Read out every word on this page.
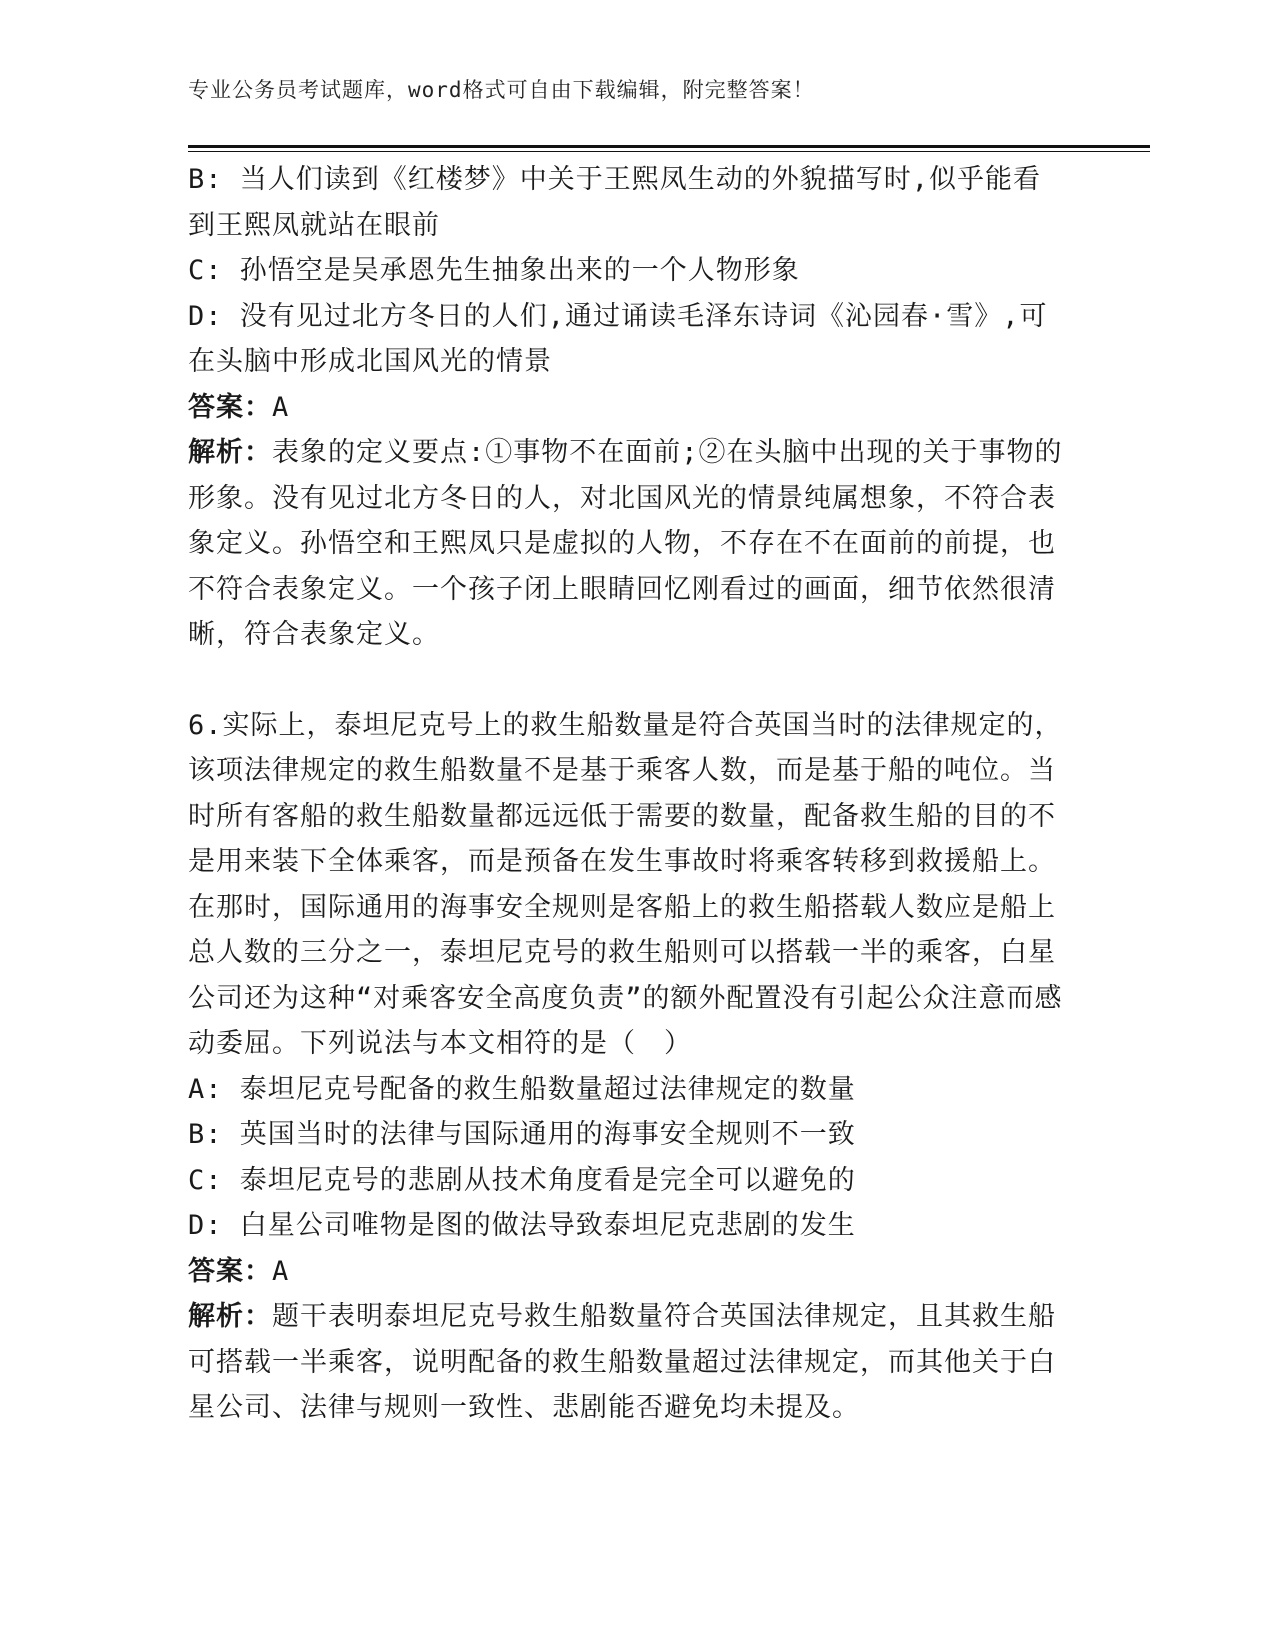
专业公务员考试题库，word格式可自由下载编辑，附完整答案！

B: 当人们读到《红楼梦》中关于王熙凤生动的外貌描写时,似乎能看到王熙凤就站在眼前

C: 孙悟空是吴承恩先生抽象出来的一个人物形象

D: 没有见过北方冬日的人们,通过诵读毛泽东诗词《沁园春·雪》,可在头脑中形成北国风光的情景

答案：A

解析：表象的定义要点:①事物不在面前;②在头脑中出现的关于事物的形象。没有见过北方冬日的人，对北国风光的情景纯属想象，不符合表象定义。孙悟空和王熙凤只是虚拟的人物，不存在不在面前的前提，也不符合表象定义。一个孩子闭上眼睛回忆刚看过的画面，细节依然很清晰，符合表象定义。

6.实际上，泰坦尼克号上的救生船数量是符合英国当时的法律规定的，该项法律规定的救生船数量不是基于乘客人数，而是基于船的吨位。当时所有客船的救生船数量都远远低于需要的数量，配备救生船的目的不是用来装下全体乘客，而是预备在发生事故时将乘客转移到救援船上。在那时，国际通用的海事安全规则是客船上的救生船搭载人数应是船上总人数的三分之一，泰坦尼克号的救生船则可以搭载一半的乘客，白星公司还为这种“对乘客安全高度负责”的额外配置没有引起公众注意而感动委屈。下列说法与本文相符的是（　）

A: 泰坦尼克号配备的救生船数量超过法律规定的数量

B: 英国当时的法律与国际通用的海事安全规则不一致

C: 泰坦尼克号的悲剧从技术角度看是完全可以避免的

D: 白星公司唯物是图的做法导致泰坦尼克悲剧的发生

答案：A

解析：题干表明泰坦尼克号救生船数量符合英国法律规定，且其救生船可搭载一半乘客，说明配备的救生船数量超过法律规定，而其他关于白星公司、法律与规则一致性、悲剧能否避免均未提及。
